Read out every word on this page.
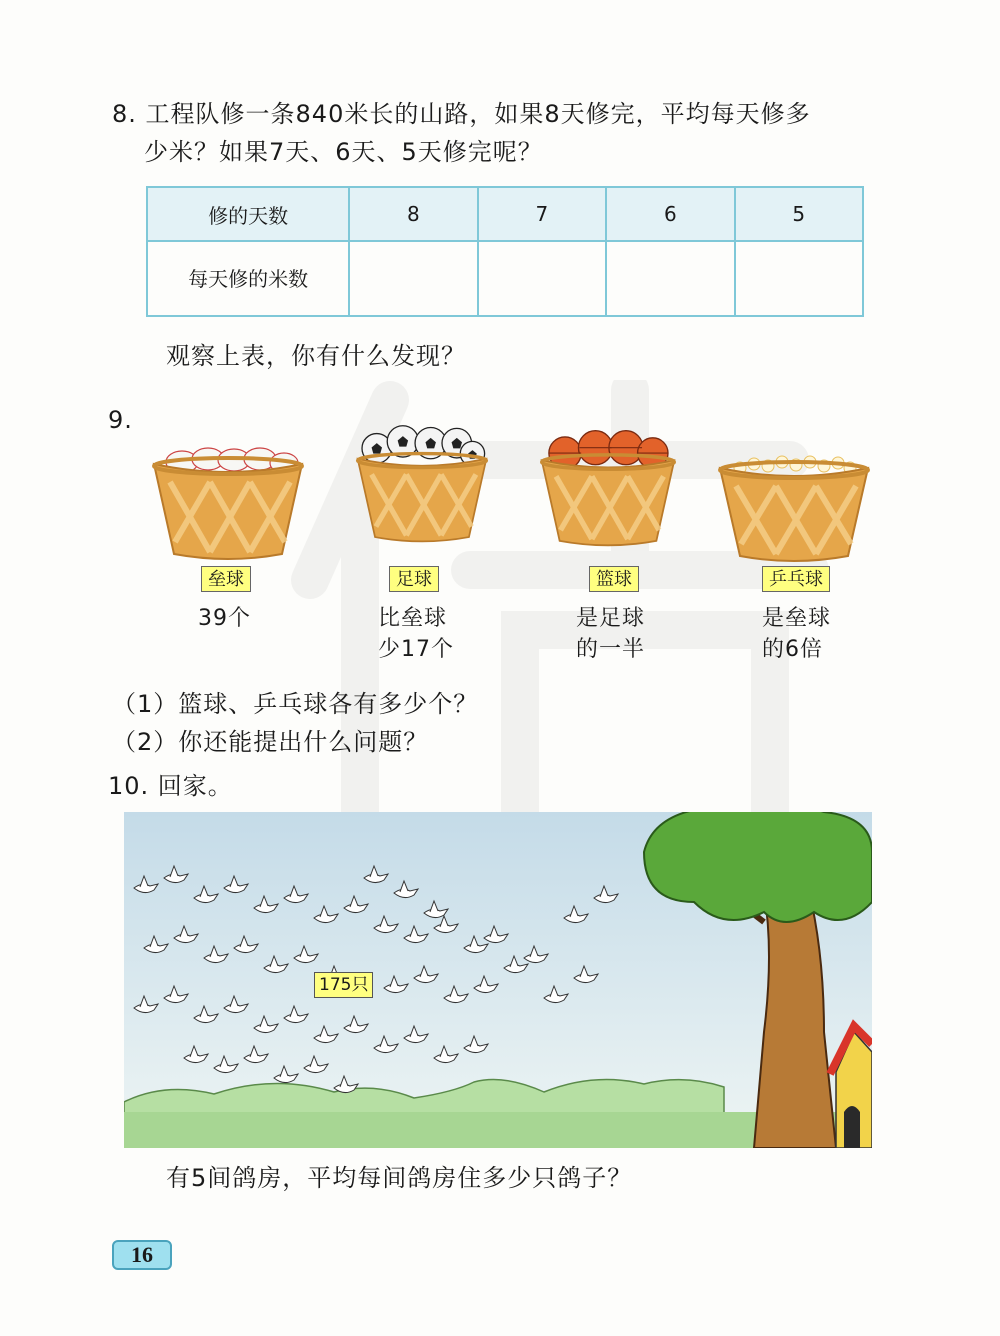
8. 工程队修一条840米长的山路，如果8天修完，平均每天修多
少米？如果7天、6天、5天修完呢？
修的天数	8	7	6	5
每天修的米数
观察上表，你有什么发现？
9.
垒球
39个
足球
比垒球
少17个
篮球
是足球
的一半
乒乓球
是垒球
的6倍
（1）篮球、乒乓球各有多少个？
（2）你还能提出什么问题？
10. 回家。
175只
有5间鸽房，平均每间鸽房住多少只鸽子？
16
